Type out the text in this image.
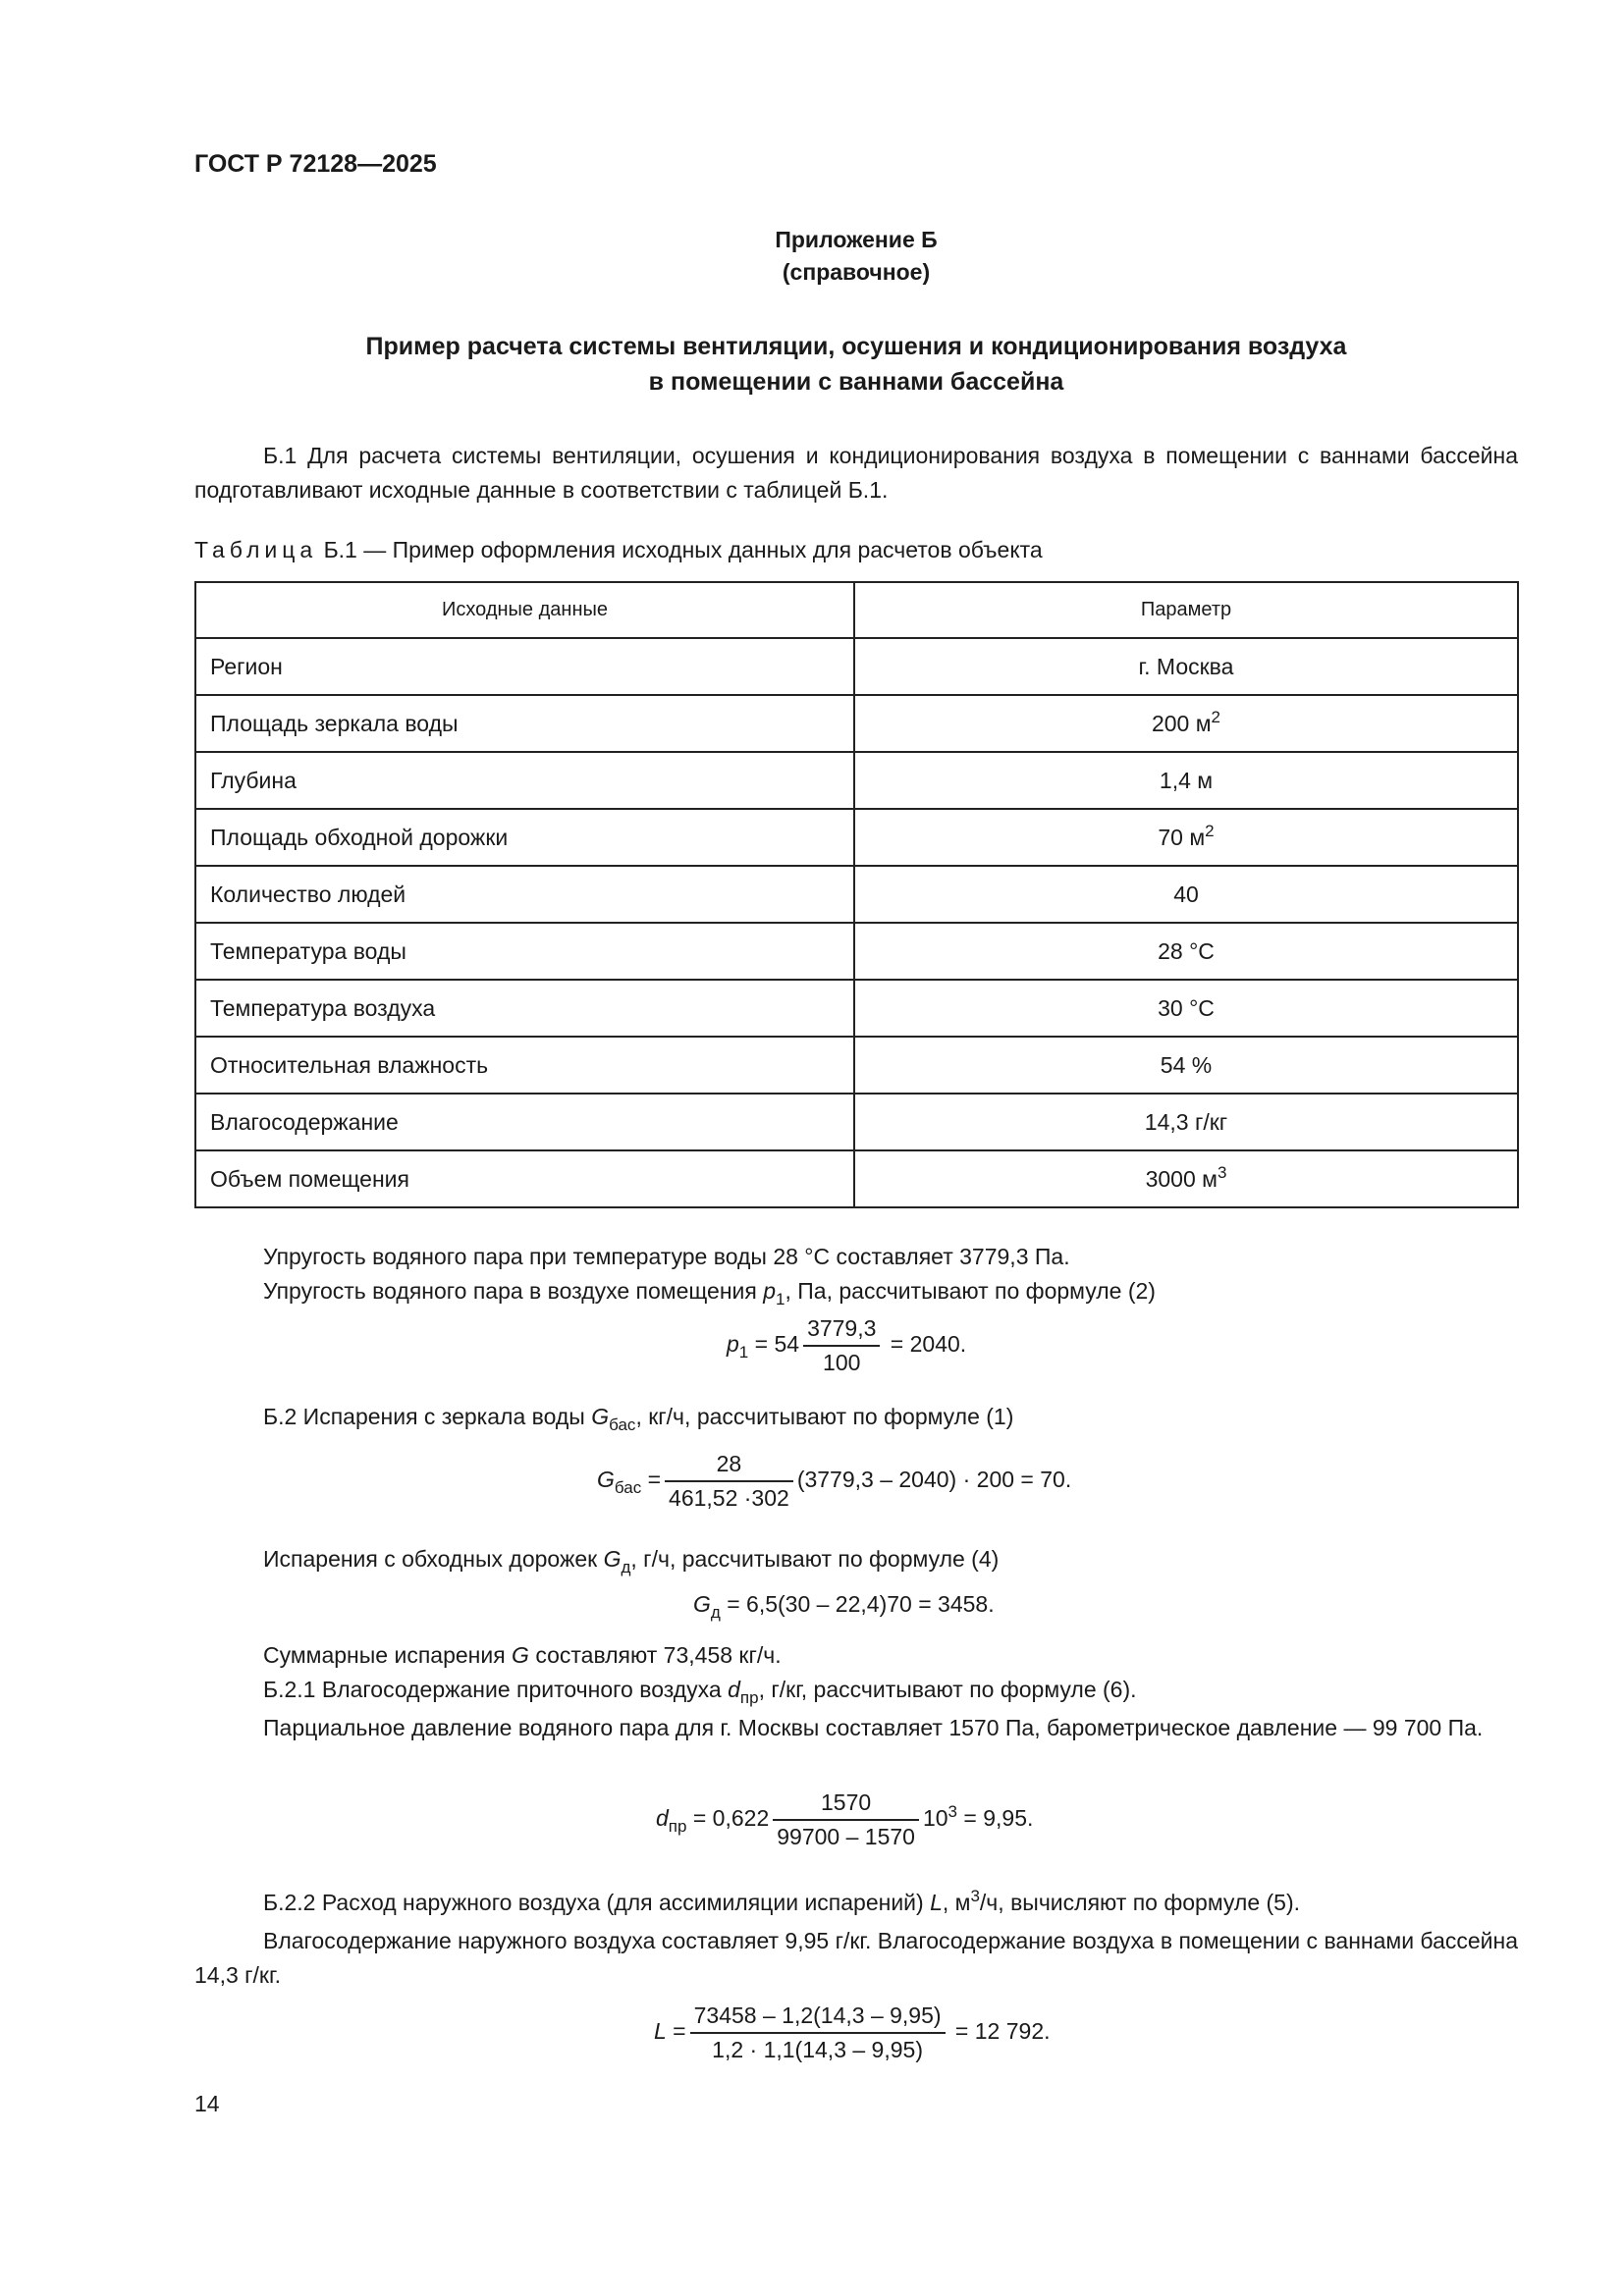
ГОСТ Р 72128—2025
Приложение Б
(справочное)
Пример расчета системы вентиляции, осушения и кондиционирования воздуха
в помещении с ваннами бассейна
Б.1 Для расчета системы вентиляции, осушения и кондиционирования воздуха в помещении с ваннами бассейна подготавливают исходные данные в соответствии с таблицей Б.1.
Таблица Б.1 — Пример оформления исходных данных для расчетов объекта
Исходные данные	Параметр
Регион	г. Москва
Площадь зеркала воды	200 $м^2$
Глубина	1,4 м
Площадь обходной дорожки	70 $м^2$
Количество людей	40
Температура воды	28 °С
Температура воздуха	30 °С
Относительная влажность	54 %
Влагосодержание	14,3 г/кг
Объем помещения	3000 $м^3$
Упругость водяного пара при температуре воды 28 °С составляет 3779,3 Па.
Упругость водяного пара в воздухе помещения $p_1$, Па, рассчитывают по формуле (2)
$p_1 = 54 \frac{3779,3}{100} = 2040$.
Б.2 Испарения с зеркала воды $G_{бас}$, кг/ч, рассчитывают по формуле (1)
$G_{бас} = \frac{28}{461,52 \cdot 302} (3779,3 - 2040) \cdot 200 = 70$.
Испарения с обходных дорожек $G_д$, г/ч, рассчитывают по формуле (4)
$G_д = 6,5(30 - 22,4)70 = 3458$.
Суммарные испарения G составляют 73,458 кг/ч.
Б.2.1 Влагосодержание приточного воздуха $d_{пр}$, г/кг, рассчитывают по формуле (6).
Парциальное давление водяного пара для г. Москвы составляет 1570 Па, барометрическое давление — 99 700 Па.
$d_{пр} = 0,622 \frac{1570}{99700 - 1570} 10^3 = 9,95$.
Б.2.2 Расход наружного воздуха (для ассимиляции испарений) L, $м^3/ч$, вычисляют по формуле (5).
Влагосодержание наружного воздуха составляет 9,95 г/кг. Влагосодержание воздуха в помещении с ваннами бассейна 14,3 г/кг.
$L = \frac{73458 - 1,2(14,3 - 9,95)}{1,2 \cdot 1,1(14,3 - 9,95)} = 12$ 792.
14
